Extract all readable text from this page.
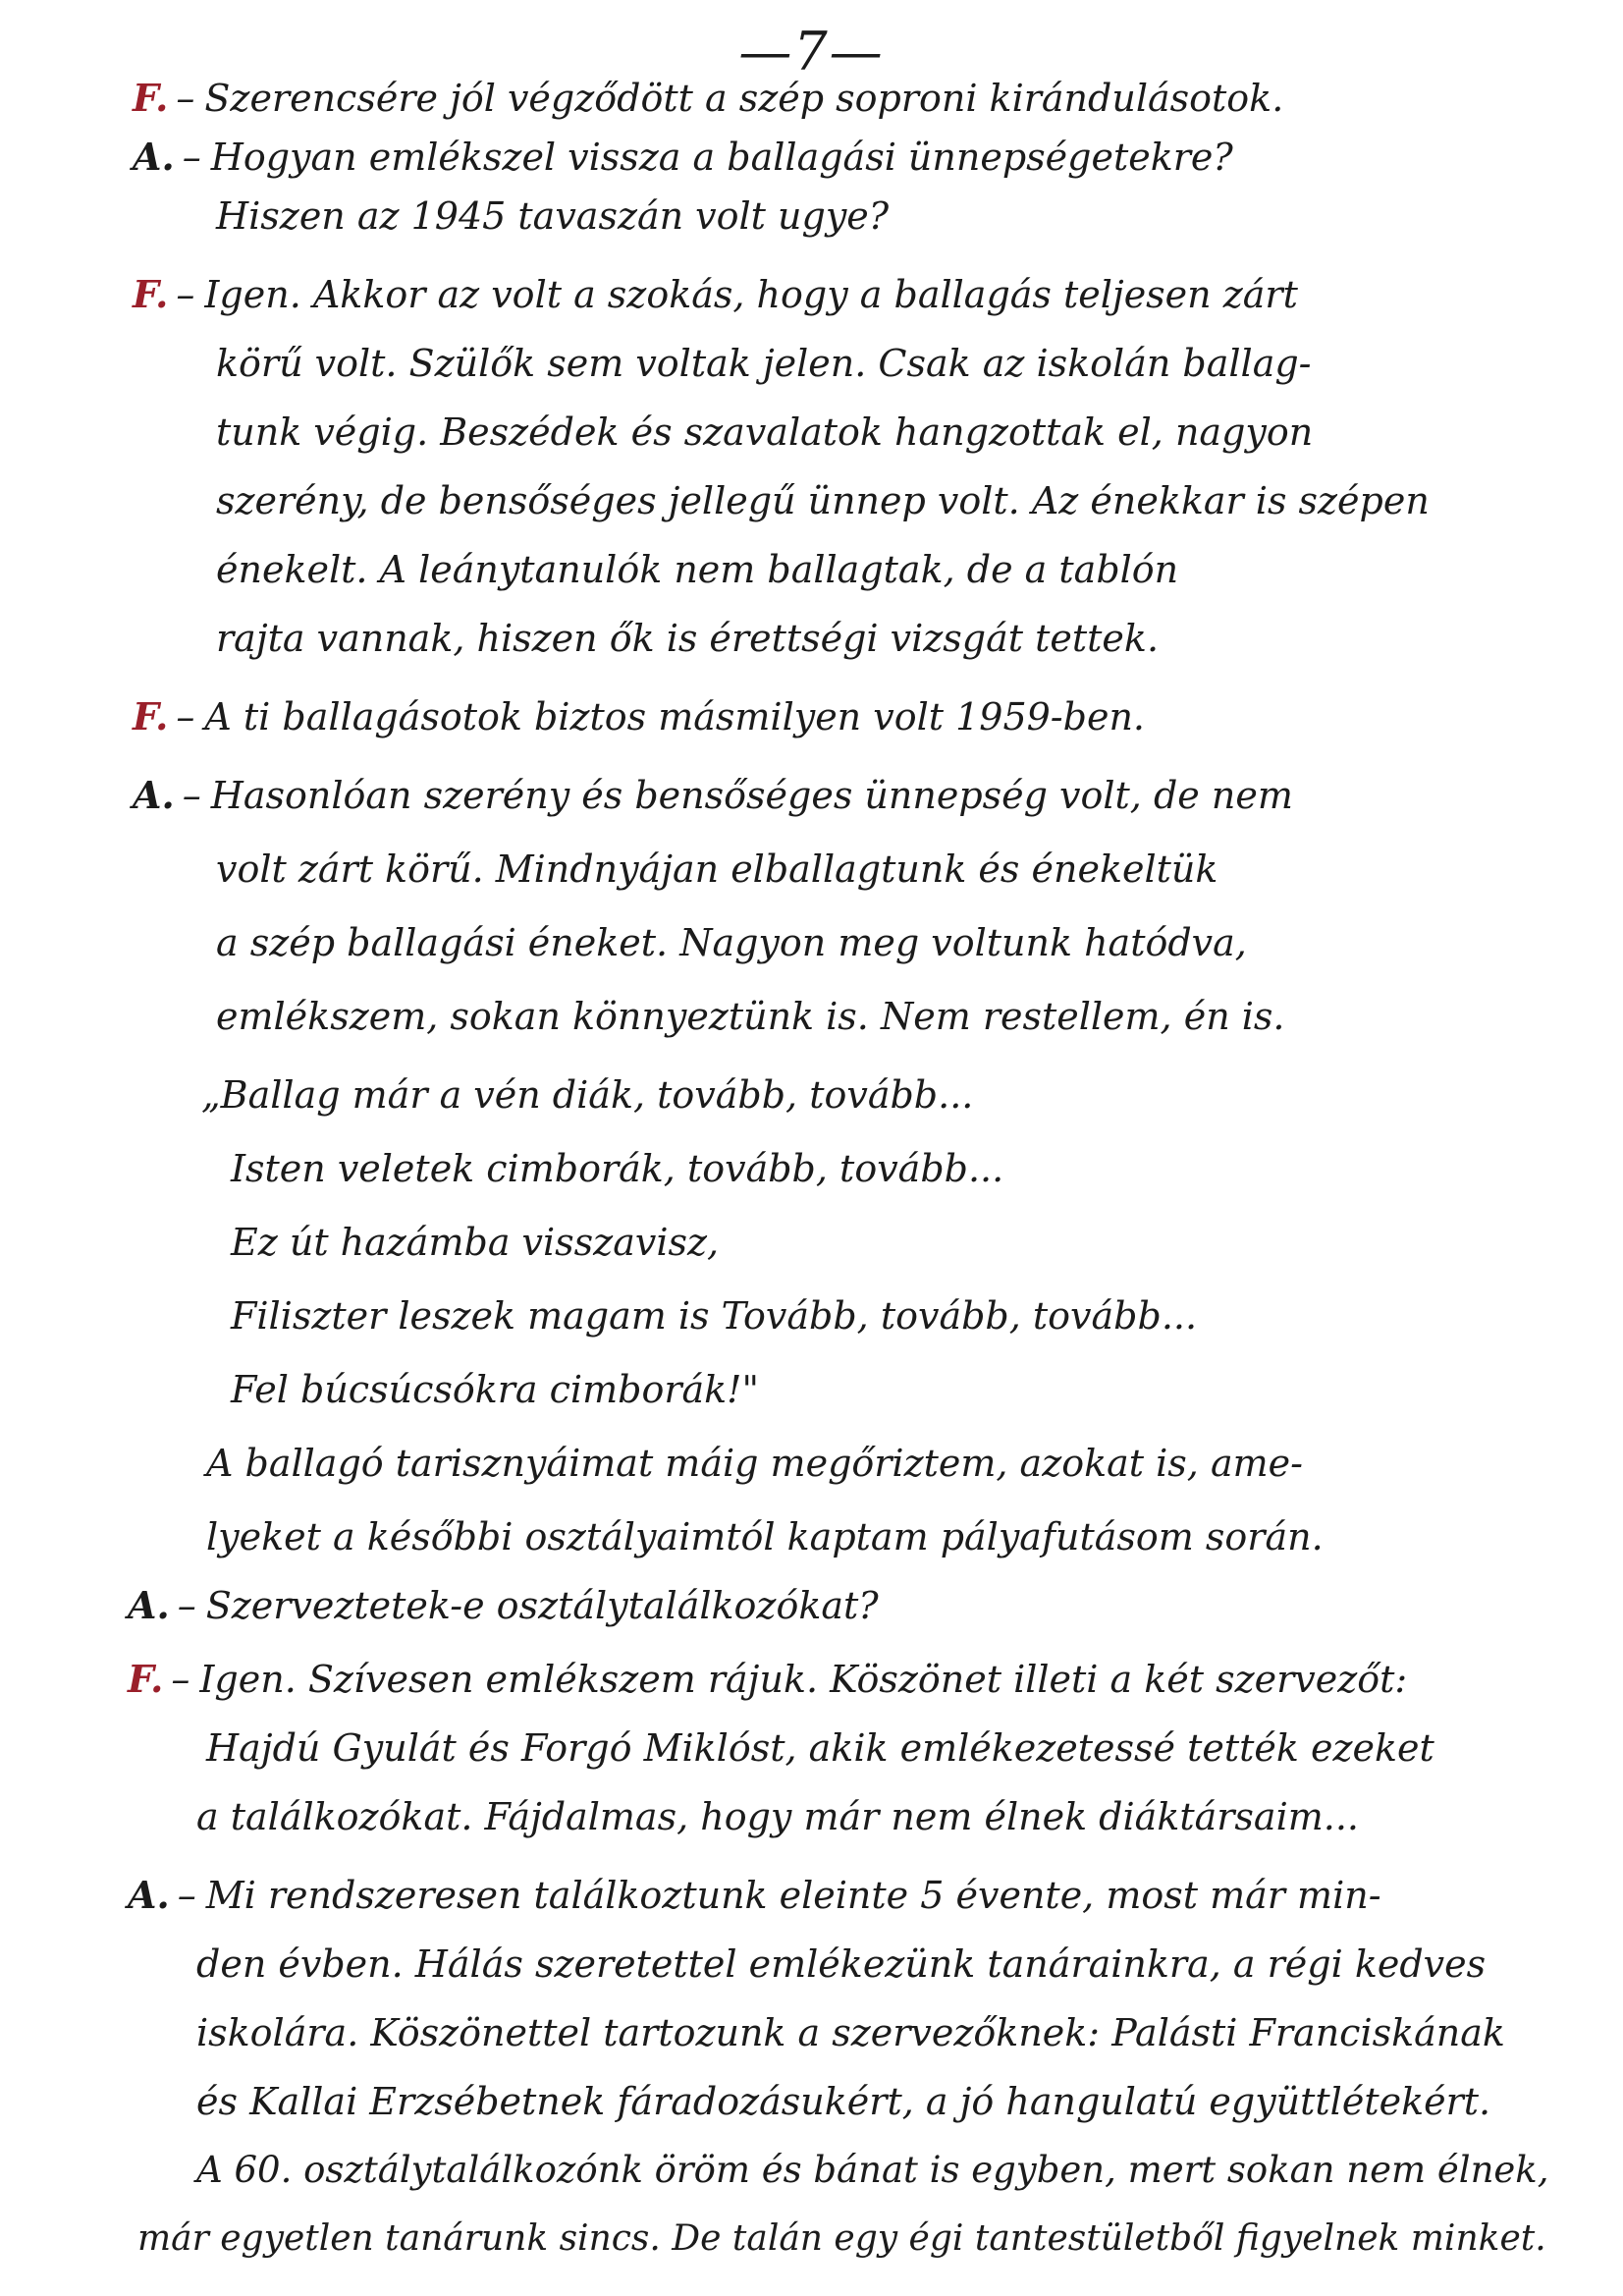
—7—
F. – Szerencsére jól végződött a szép soproni kirándulásotok.
A. – Hogyan emlékszel vissza a ballagási ünnepségetekre?
Hiszen az 1945 tavaszán volt ugye?
F. – Igen. Akkor az volt a szokás, hogy a ballagás teljesen zárt
körű volt. Szülők sem voltak jelen. Csak az iskolán ballag-
tunk végig. Beszédek és szavalatok hangzottak el, nagyon
szerény, de bensőséges jellegű ünnep volt. Az énekkar is szépen
énekelt. A leánytanulók nem ballagtak, de a tablón
rajta vannak, hiszen ők is érettségi vizsgát tettek.
F. – A ti ballagásotok biztos másmilyen volt 1959-ben.
A. – Hasonlóan szerény és bensőséges ünnepség volt, de nem
volt zárt körű. Mindnyájan elballagtunk és énekeltük
a szép ballagási éneket. Nagyon meg voltunk hatódva,
emlékszem, sokan könnyeztünk is. Nem restellem, én is.
„Ballag már a vén diák, tovább, tovább...
Isten veletek cimborák, tovább, tovább...
Ez út hazámba visszavisz,
Filiszter leszek magam is Tovább, tovább, tovább...
Fel búcsúcsókra cimborák!"
A ballagó tarisznyáimat máig megőriztem, azokat is, ame-
lyeket a későbbi osztályaimtól kaptam pályafutásom során.
A. – Szerveztetek-e osztálytalálkozókat?
F. – Igen. Szívesen emlékszem rájuk. Köszönet illeti a két szervezőt:
Hajdú Gyulát és Forgó Miklóst, akik emlékezetessé tették ezeket
a találkozókat. Fájdalmas, hogy már nem élnek diáktársaim...
A. – Mi rendszeresen találkoztunk eleinte 5 évente, most már min-
den évben. Hálás szeretettel emlékezünk tanárainkra, a régi kedves
iskolára. Köszönettel tartozunk a szervezőknek: Palásti Franciskának
és Kallai Erzsébetnek fáradozásukért, a jó hangulatú együttlétekért.
A 60. osztálytalálkozónk öröm és bánat is egyben, mert sokan nem élnek,
már egyetlen tanárunk sincs. De talán egy égi tantestületből figyelnek minket.
